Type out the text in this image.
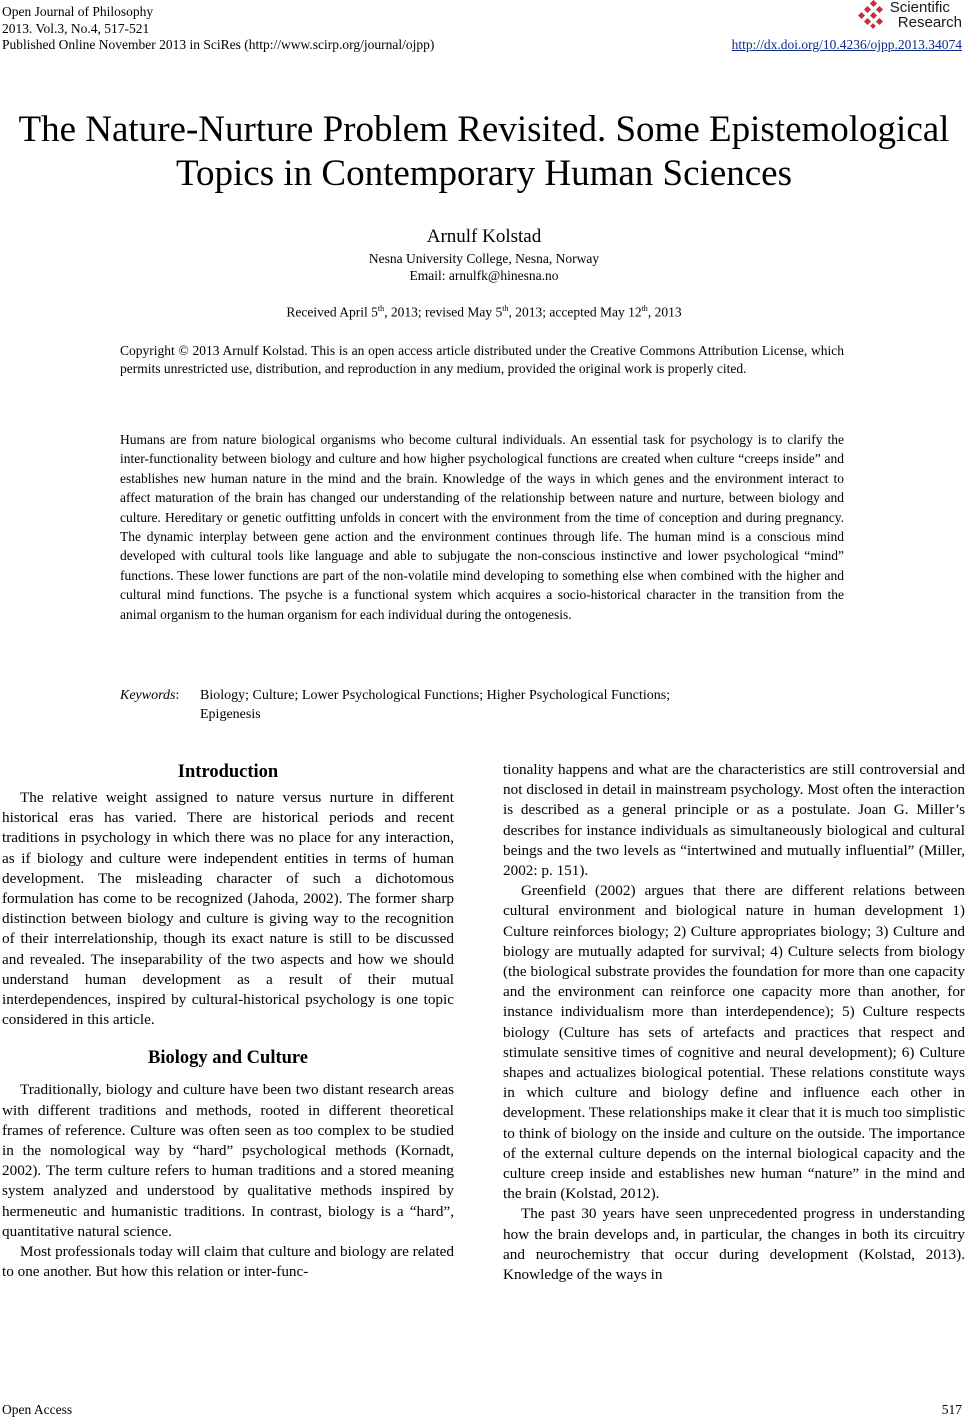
Open Journal of Philosophy
2013. Vol.3, No.4, 517-521
Published Online November 2013 in SciRes (http://www.scirp.org/journal/ojpp)
Scientific
Research
http://dx.doi.org/10.4236/ojpp.2013.34074
The Nature-Nurture Problem Revisited. Some Epistemological
Topics in Contemporary Human Sciences
Arnulf Kolstad
Nesna University College, Nesna, Norway
Email: arnulfk@hinesna.no
Received April 5th, 2013; revised May 5th, 2013; accepted May 12th, 2013
Copyright © 2013 Arnulf Kolstad. This is an open access article distributed under the Creative Commons Attribution License, which permits unrestricted use, distribution, and reproduction in any medium, provided the original work is properly cited.
Humans are from nature biological organisms who become cultural individuals. An essential task for psychology is to clarify the inter-functionality between biology and culture and how higher psychological functions are created when culture “creeps inside” and establishes new human nature in the mind and the brain. Knowledge of the ways in which genes and the environment interact to affect maturation of the brain has changed our understanding of the relationship between nature and nurture, between biology and culture. Hereditary or genetic outfitting unfolds in concert with the environment from the time of conception and during pregnancy. The dynamic interplay between gene action and the environment continues through life. The human mind is a conscious mind developed with cultural tools like language and able to subjugate the non-conscious instinctive and lower psychological “mind” functions. These lower functions are part of the non-volatile mind developing to something else when combined with the higher and cultural mind functions. The psyche is a functional system which acquires a socio-historical character in the transition from the animal organism to the human organism for each individual during the ontogenesis.
Keywords: Biology; Culture; Lower Psychological Functions; Higher Psychological Functions;
Epigenesis
Introduction

The relative weight assigned to nature versus nurture in different historical eras has varied. There are historical periods and recent traditions in psychology in which there was no place for any interaction, as if biology and culture were independent entities in terms of human development. The misleading character of such a dichotomous formulation has come to be recognized (Jahoda, 2002). The former sharp distinction between biology and culture is giving way to the recognition of their interrelationship, though its exact nature is still to be discussed and revealed. The inseparability of the two aspects and how we should understand human development as a result of their mutual interdependences, inspired by cultural-historical psychology is one topic considered in this article.

Biology and Culture

Traditionally, biology and culture have been two distant research areas with different traditions and methods, rooted in different theoretical frames of reference. Culture was often seen as too complex to be studied in the nomological way by “hard” psychological methods (Kornadt, 2002). The term culture refers to human traditions and a stored meaning system analyzed and understood by qualitative methods inspired by hermeneutic and humanistic traditions. In contrast, biology is a “hard”, quantitative natural science.

Most professionals today will claim that culture and biology are related to one another. But how this relation or inter-func-

tionality happens and what are the characteristics are still controversial and not disclosed in detail in mainstream psychology. Most often the interaction is described as a general principle or as a postulate. Joan G. Miller’s describes for instance individuals as simultaneously biological and cultural beings and the two levels as “intertwined and mutually influential” (Miller, 2002: p. 151).

Greenfield (2002) argues that there are different relations between cultural environment and biological nature in human development 1) Culture reinforces biology; 2) Culture appropriates biology; 3) Culture and biology are mutually adapted for survival; 4) Culture selects from biology (the biological substrate provides the foundation for more than one capacity and the environment can reinforce one capacity more than another, for instance individualism more than interdependence); 5) Culture respects biology (Culture has sets of artefacts and practices that respect and stimulate sensitive times of cognitive and neural development); 6) Culture shapes and actualizes biological potential. These relations constitute ways in which culture and biology define and influence each other in development. These relationships make it clear that it is much too simplistic to think of biology on the inside and culture on the outside. The importance of the external culture depends on the internal biological capacity and the culture creep inside and establishes new human “nature” in the mind and the brain (Kolstad, 2012).

The past 30 years have seen unprecedented progress in understanding how the brain develops and, in particular, the changes in both its circuitry and neurochemistry that occur during development (Kolstad, 2013). Knowledge of the ways in

Open Access	517
